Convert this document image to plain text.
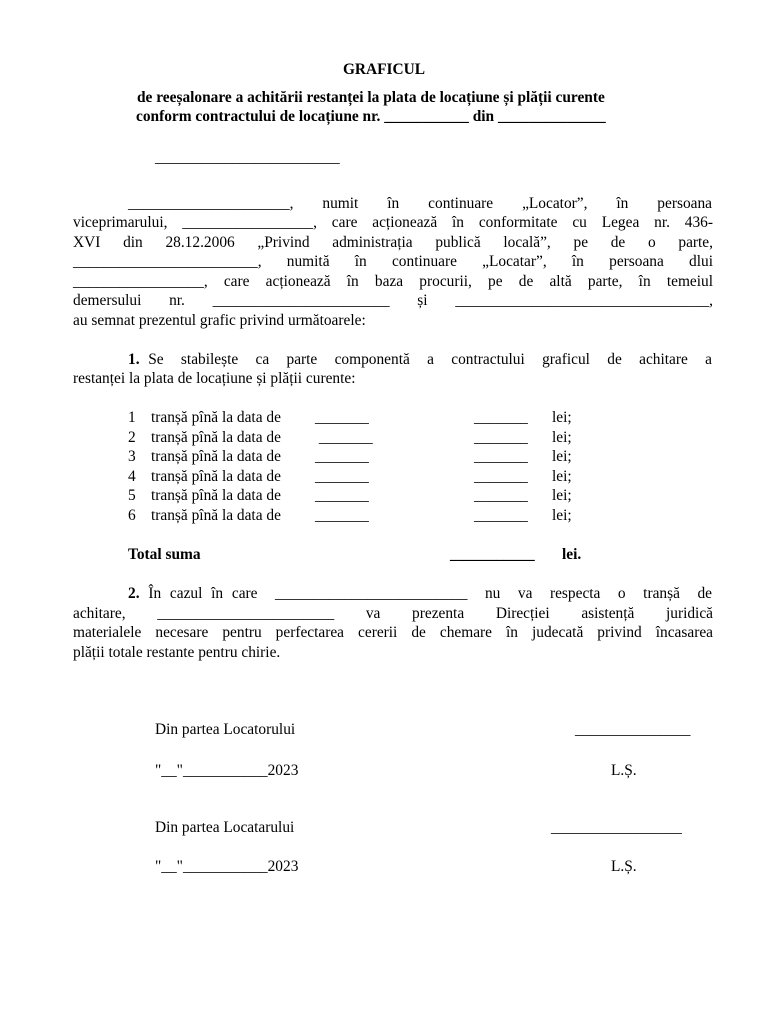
GRAFICUL
de reeșalonare a achitării restanței la plata de locațiune și plății curente
conform contractului de locațiune nr. ___________ din ______________
________________________
_____________________, numit în continuare „Locator”, în persoana
viceprimarului, _________________, care acționează în conformitate cu Legea nr. 436-
XVI din 28.12.2006 „Privind administrația publică locală”, pe de o parte,
________________________, numită în continuare „Locatar”, în persoana dlui
_________________, care acționează în baza procurii, pe de altă parte, în temeiul
demersului nr. _______________________ și _________________________________,
au semnat prezentul grafic privind următoarele:
1. Se  stabilește  ca  parte  componentă  a  contractului  graficul  de  achitare  a
restanței la plata de locațiune și plății curente:
1 tranșă pînă la data de _______	_______ lei;
2 tranșă pînă la data de _______	_______ lei;
3 tranșă pînă la data de _______	_______ lei;
4 tranșă pînă la data de _______	_______ lei;
5 tranșă pînă la data de _______	_______ lei;
6 tranșă pînă la data de _______	_______ lei;
Total suma	___________ lei.
2. În cazul în care  _________________________  nu  va  respecta  o  tranșă  de
achitare, _______________________ va prezenta Direcției asistență juridică
materialele necesare pentru perfectarea cererii de chemare în judecată privind încasarea
plății totale restante pentru chirie.
Din partea Locatorului	_______________
"__"___________2023	L.Ș.
Din partea Locatarului	_________________
"__"___________2023	L.Ș.
